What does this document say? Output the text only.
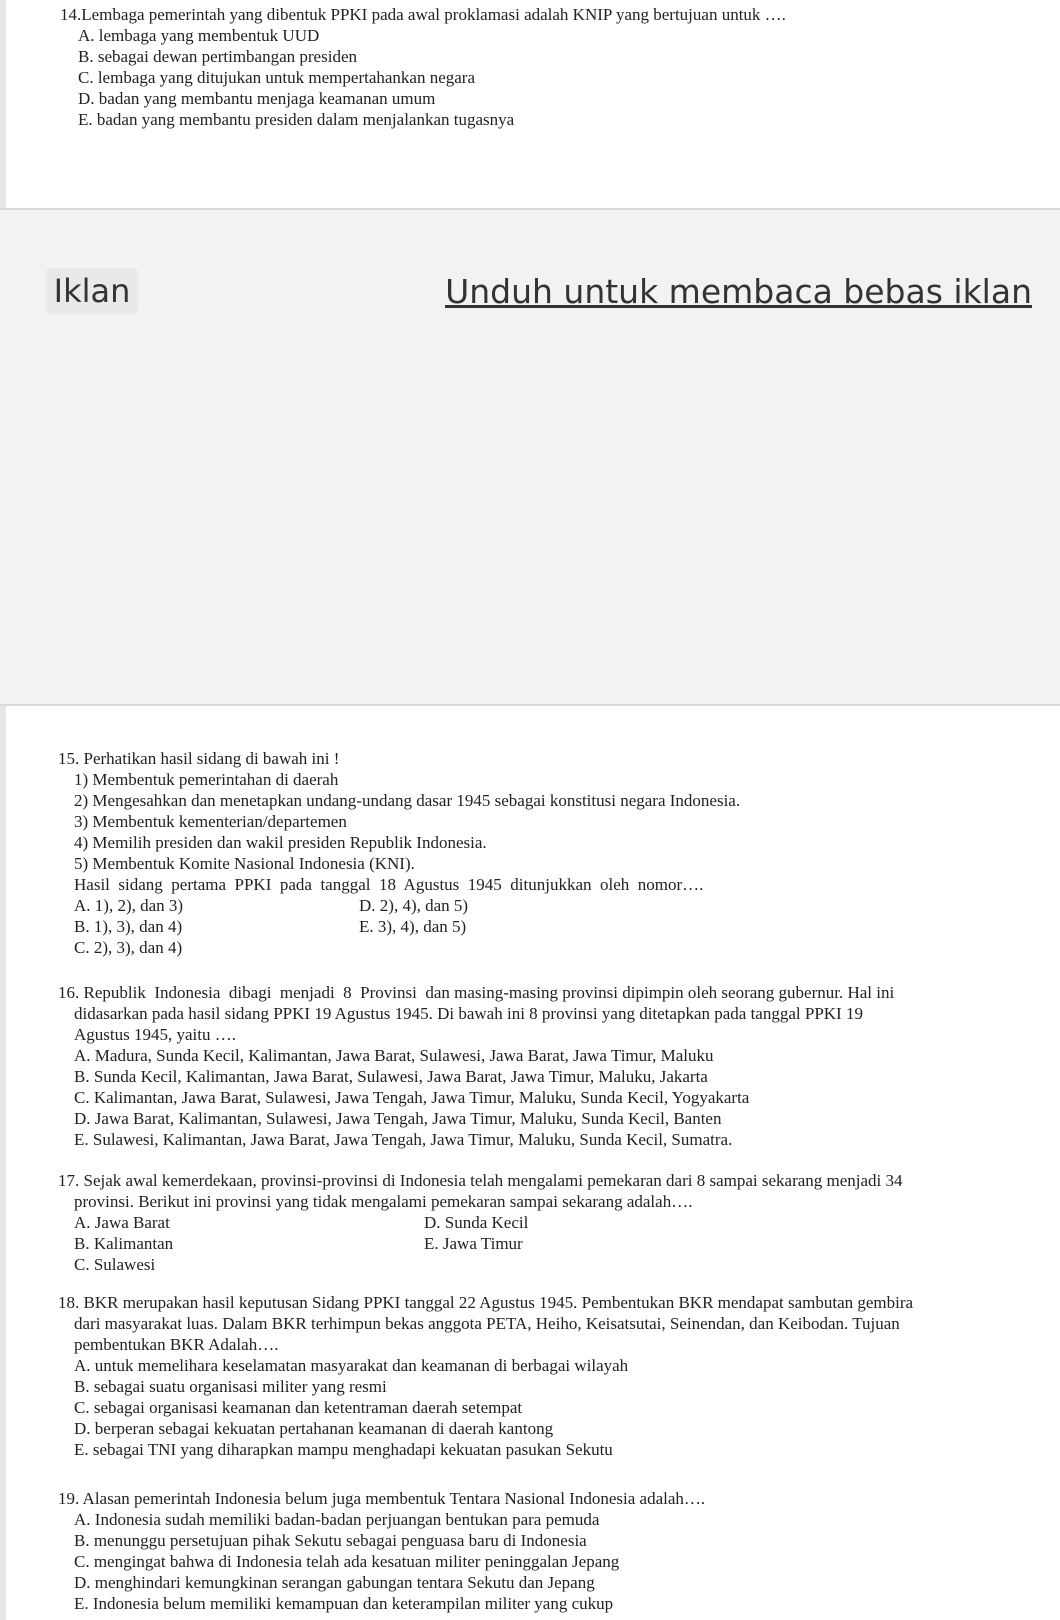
14.Lembaga pemerintah yang dibentuk PPKI pada awal proklamasi adalah KNIP yang bertujuan untuk ….
A. lembaga yang membentuk UUD
B. sebagai dewan pertimbangan presiden
C. lembaga yang ditujukan untuk mempertahankan negara
D. badan yang membantu menjaga keamanan umum
E. badan yang membantu presiden dalam menjalankan tugasnya
Iklan	Unduh untuk membaca bebas iklan
15. Perhatikan hasil sidang di bawah ini !
1) Membentuk pemerintahan di daerah
2) Mengesahkan dan menetapkan undang-undang dasar 1945 sebagai konstitusi negara Indonesia.
3) Membentuk kementerian/departemen
4) Memilih presiden dan wakil presiden Republik Indonesia.
5) Membentuk Komite Nasional Indonesia (KNI).
Hasil  sidang  pertama  PPKI  pada  tanggal  18  Agustus  1945  ditunjukkan  oleh  nomor….
A. 1), 2), dan 3)	D. 2), 4), dan 5)
B. 1), 3), dan 4)	E. 3), 4), dan 5)
C. 2), 3), dan 4)
16. Republik  Indonesia  dibagi  menjadi  8  Provinsi  dan masing-masing provinsi dipimpin oleh seorang gubernur. Hal ini
didasarkan pada hasil sidang PPKI 19 Agustus 1945. Di bawah ini 8 provinsi yang ditetapkan pada tanggal PPKI 19
Agustus 1945, yaitu ….
A. Madura, Sunda Kecil, Kalimantan, Jawa Barat, Sulawesi, Jawa Barat, Jawa Timur, Maluku
B. Sunda Kecil, Kalimantan, Jawa Barat, Sulawesi, Jawa Barat, Jawa Timur, Maluku, Jakarta
C. Kalimantan, Jawa Barat, Sulawesi, Jawa Tengah, Jawa Timur, Maluku, Sunda Kecil, Yogyakarta
D. Jawa Barat, Kalimantan, Sulawesi, Jawa Tengah, Jawa Timur, Maluku, Sunda Kecil, Banten
E. Sulawesi, Kalimantan, Jawa Barat, Jawa Tengah, Jawa Timur, Maluku, Sunda Kecil, Sumatra.
17. Sejak awal kemerdekaan, provinsi-provinsi di Indonesia telah mengalami pemekaran dari 8 sampai sekarang menjadi 34
provinsi. Berikut ini provinsi yang tidak mengalami pemekaran sampai sekarang adalah….
A. Jawa Barat	D. Sunda Kecil
B. Kalimantan	E. Jawa Timur
C. Sulawesi
18. BKR merupakan hasil keputusan Sidang PPKI tanggal 22 Agustus 1945. Pembentukan BKR mendapat sambutan gembira
dari masyarakat luas. Dalam BKR terhimpun bekas anggota PETA, Heiho, Keisatsutai, Seinendan, dan Keibodan. Tujuan
pembentukan BKR Adalah….
A. untuk memelihara keselamatan masyarakat dan keamanan di berbagai wilayah
B. sebagai suatu organisasi militer yang resmi
C. sebagai organisasi keamanan dan ketentraman daerah setempat
D. berperan sebagai kekuatan pertahanan keamanan di daerah kantong
E. sebagai TNI yang diharapkan mampu menghadapi kekuatan pasukan Sekutu
19. Alasan pemerintah Indonesia belum juga membentuk Tentara Nasional Indonesia adalah….
A. Indonesia sudah memiliki badan-badan perjuangan bentukan para pemuda
B. menunggu persetujuan pihak Sekutu sebagai penguasa baru di Indonesia
C. mengingat bahwa di Indonesia telah ada kesatuan militer peninggalan Jepang
D. menghindari kemungkinan serangan gabungan tentara Sekutu dan Jepang
E. Indonesia belum memiliki kemampuan dan keterampilan militer yang cukup
